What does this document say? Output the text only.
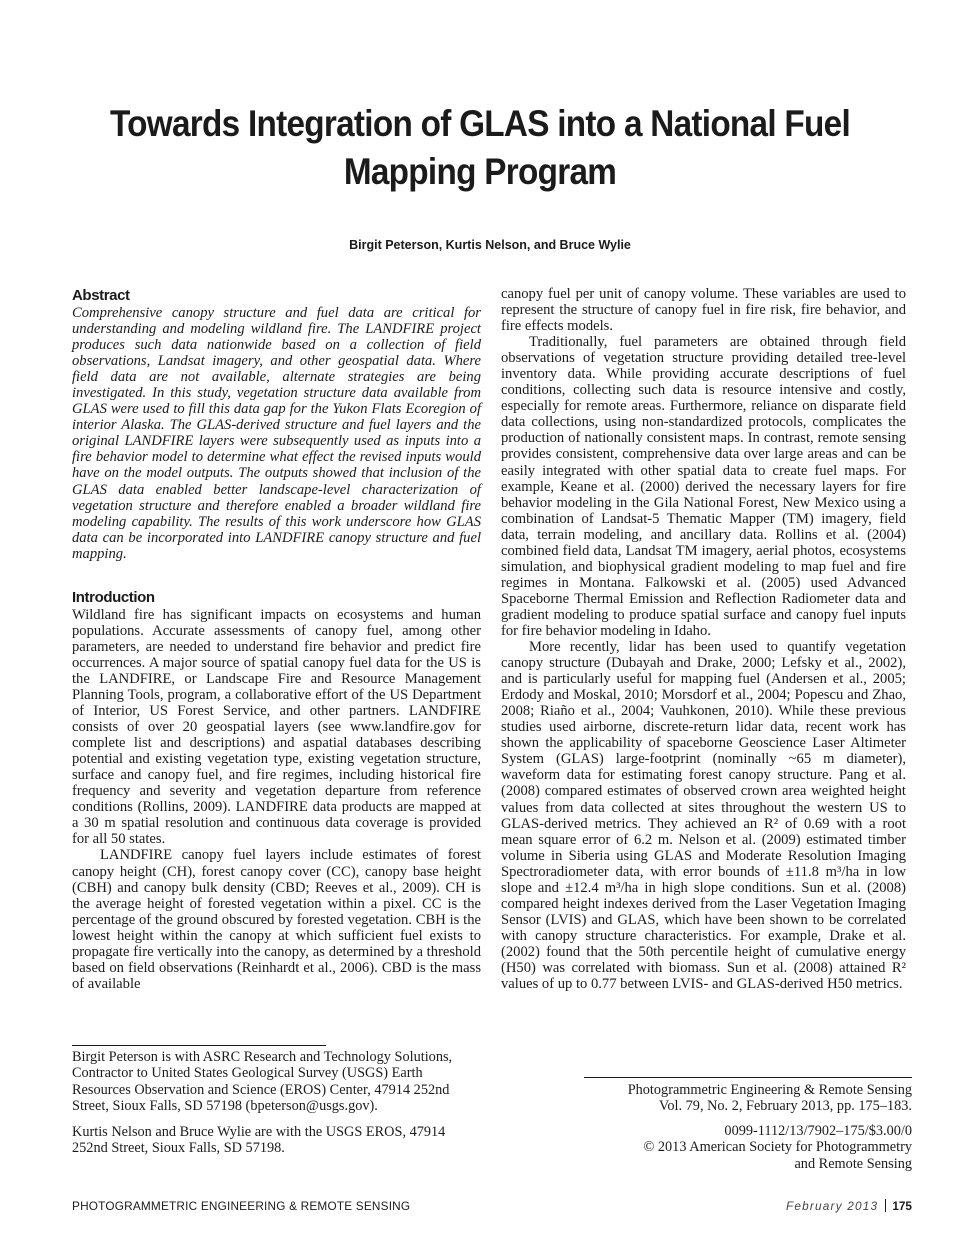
Towards Integration of GLAS into a National Fuel Mapping Program
Birgit Peterson, Kurtis Nelson, and Bruce Wylie
Abstract

Comprehensive canopy structure and fuel data are critical for understanding and modeling wildland fire. The LANDFIRE project produces such data nationwide based on a collection of field observations, Landsat imagery, and other geospatial data. Where field data are not available, alternate strategies are being investigated. In this study, vegetation structure data available from GLAS were used to fill this data gap for the Yukon Flats Ecoregion of interior Alaska. The GLAS-derived structure and fuel layers and the original LANDFIRE layers were subsequently used as inputs into a fire behavior model to determine what effect the revised inputs would have on the model outputs. The outputs showed that inclusion of the GLAS data enabled better landscape-level characterization of vegetation structure and therefore enabled a broader wildland fire modeling capability. The results of this work underscore how GLAS data can be incorporated into LANDFIRE canopy structure and fuel mapping.

Introduction

Wildland fire has significant impacts on ecosystems and human populations. Accurate assessments of canopy fuel, among other parameters, are needed to understand fire behavior and predict fire occurrences. A major source of spatial canopy fuel data for the US is the LANDFIRE, or Landscape Fire and Resource Management Planning Tools, program, a collaborative effort of the US Department of Interior, US Forest Service, and other partners. LANDFIRE consists of over 20 geospatial layers (see www.landfire.gov for complete list and descriptions) and aspatial databases describing potential and existing vegetation type, existing vegetation structure, surface and canopy fuel, and fire regimes, including historical fire frequency and severity and vegetation departure from reference conditions (Rollins, 2009). LANDFIRE data products are mapped at a 30 m spatial resolution and continuous data coverage is provided for all 50 states.

LANDFIRE canopy fuel layers include estimates of forest canopy height (CH), forest canopy cover (CC), canopy base height (CBH) and canopy bulk density (CBD; Reeves et al., 2009). CH is the average height of forested vegetation within a pixel. CC is the percentage of the ground obscured by forested vegetation. CBH is the lowest height within the canopy at which sufficient fuel exists to propagate fire vertically into the canopy, as determined by a threshold based on field observations (Reinhardt et al., 2006). CBD is the mass of available

canopy fuel per unit of canopy volume. These variables are used to represent the structure of canopy fuel in fire risk, fire behavior, and fire effects models.

Traditionally, fuel parameters are obtained through field observations of vegetation structure providing detailed tree-level inventory data. While providing accurate descriptions of fuel conditions, collecting such data is resource intensive and costly, especially for remote areas. Furthermore, reliance on disparate field data collections, using non-standardized protocols, complicates the production of nationally consistent maps. In contrast, remote sensing provides consistent, comprehensive data over large areas and can be easily integrated with other spatial data to create fuel maps. For example, Keane et al. (2000) derived the necessary layers for fire behavior modeling in the Gila National Forest, New Mexico using a combination of Landsat-5 Thematic Mapper (TM) imagery, field data, terrain modeling, and ancillary data. Rollins et al. (2004) combined field data, Landsat TM imagery, aerial photos, ecosystems simulation, and biophysical gradient modeling to map fuel and fire regimes in Montana. Falkowski et al. (2005) used Advanced Spaceborne Thermal Emission and Reflection Radiometer data and gradient modeling to produce spatial surface and canopy fuel inputs for fire behavior modeling in Idaho.

More recently, lidar has been used to quantify vegetation canopy structure (Dubayah and Drake, 2000; Lefsky et al., 2002), and is particularly useful for mapping fuel (Andersen et al., 2005; Erdody and Moskal, 2010; Morsdorf et al., 2004; Popescu and Zhao, 2008; Riaño et al., 2004; Vauhkonen, 2010). While these previous studies used airborne, discrete-return lidar data, recent work has shown the applicability of spaceborne Geoscience Laser Altimeter System (GLAS) large-footprint (nominally ~65 m diameter), waveform data for estimating forest canopy structure. Pang et al. (2008) compared estimates of observed crown area weighted height values from data collected at sites throughout the western US to GLAS-derived metrics. They achieved an R² of 0.69 with a root mean square error of 6.2 m. Nelson et al. (2009) estimated timber volume in Siberia using GLAS and Moderate Resolution Imaging Spectroradiometer data, with error bounds of ±11.8 m³/ha in low slope and ±12.4 m³/ha in high slope conditions. Sun et al. (2008) compared height indexes derived from the Laser Vegetation Imaging Sensor (LVIS) and GLAS, which have been shown to be correlated with canopy structure characteristics. For example, Drake et al. (2002) found that the 50th percentile height of cumulative energy (H50) was correlated with biomass. Sun et al. (2008) attained R² values of up to 0.77 between LVIS- and GLAS-derived H50 metrics.

Birgit Peterson is with ASRC Research and Technology Solutions, Contractor to United States Geological Survey (USGS) Earth Resources Observation and Science (EROS) Center, 47914 252nd Street, Sioux Falls, SD 57198 (bpeterson@usgs.gov).

Kurtis Nelson and Bruce Wylie are with the USGS EROS, 47914 252nd Street, Sioux Falls, SD 57198.

Photogrammetric Engineering & Remote Sensing

Vol. 79, No. 2, February 2013, pp. 175–183.

0099-1112/13/7902–175/$3.00/0

© 2013 American Society for Photogrammetry

and Remote Sensing

PHOTOGRAMMETRIC ENGINEERING & REMOTE SENSING	February 2013 175
